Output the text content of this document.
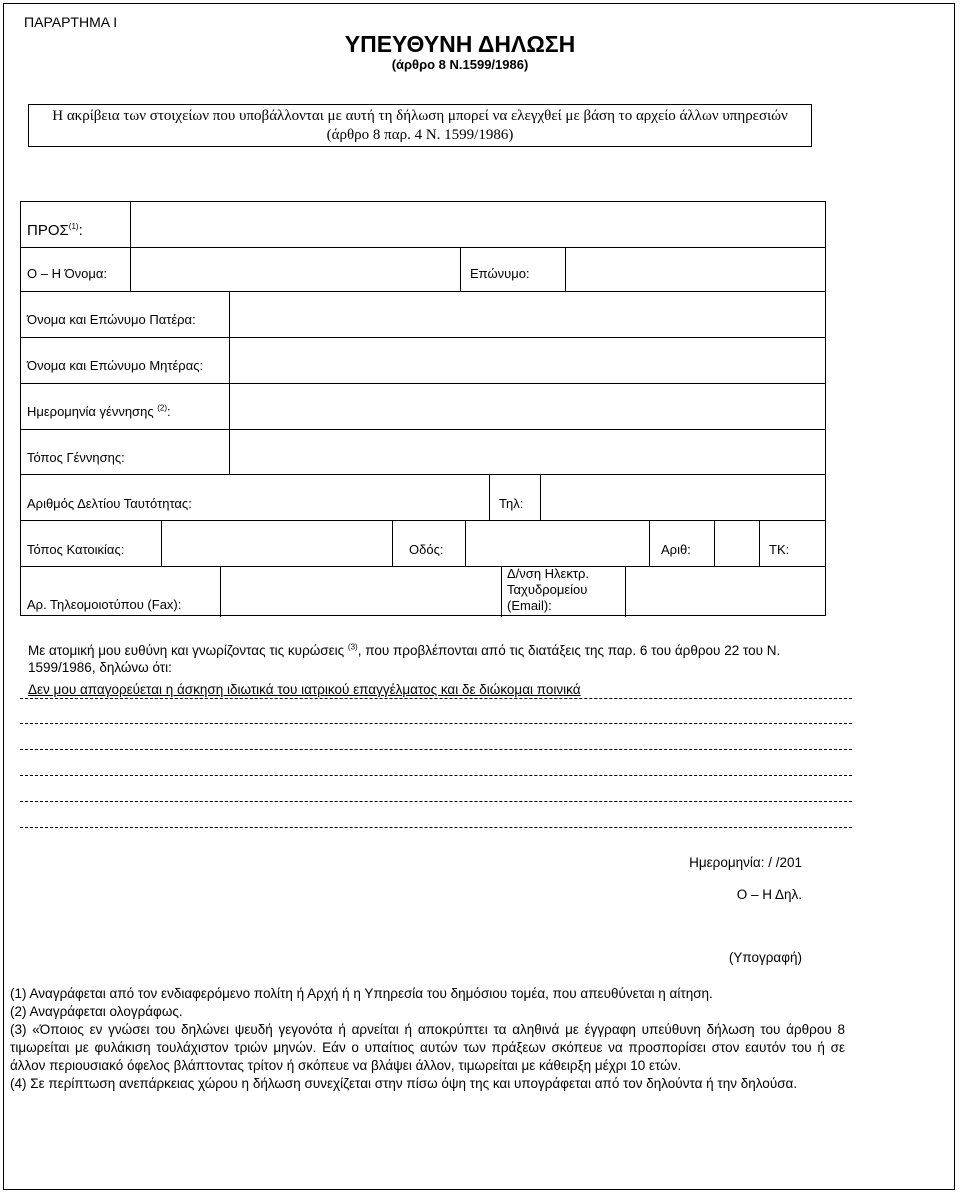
ΠΑΡΑΡΤΗΜΑ Ι
ΥΠΕΥΘΥΝΗ ΔΗΛΩΣΗ
(άρθρο 8 Ν.1599/1986)
Η ακρίβεια των στοιχείων που υποβάλλονται με αυτή τη δήλωση μπορεί να ελεγχθεί με βάση το αρχείο άλλων υπηρεσιών
(άρθρο 8 παρ. 4 Ν. 1599/1986)
ΠΡΟΣ$^{(1)}$:
Ο – Η Όνομα:	Επώνυμο:
Όνομα και Επώνυμο Πατέρα:
Όνομα και Επώνυμο Μητέρας:
Ημερομηνία γέννησης $^{(2)}$:
Τόπος Γέννησης:
Αριθμός Δελτίου Ταυτότητας:	Τηλ:
Τόπος Κατοικίας:	Οδός:	Αριθ:	ΤΚ:
Αρ. Τηλεομοιοτύπου (Fax):
Δ/νση Ηλεκτρ.
Ταχυδρομείου
(Email):
Με ατομική μου ευθύνη και γνωρίζοντας τις κυρώσεις $^{(3)}$, που προβλέπονται από τις διατάξεις της παρ. 6 του άρθρου 22 του Ν. 1599/1986, δηλώνω ότι:
Δεν μου απαγορεύεται η άσκηση ιδιωτικά του ιατρικού επαγγέλματος και δε διώκομαι ποινικά
Ημερομηνία: / /201
Ο – Η Δηλ.
(Υπογραφή)

(1) Αναγράφεται από τον ενδιαφερόμενο πολίτη ή Αρχή ή η Υπηρεσία του δημόσιου τομέα, που απευθύνεται η αίτηση.

(2) Αναγράφεται ολογράφως.

(3) «Όποιος εν γνώσει του δηλώνει ψευδή γεγονότα ή αρνείται ή αποκρύπτει τα αληθινά με έγγραφη υπεύθυνη δήλωση του άρθρου 8 τιμωρείται με φυλάκιση τουλάχιστον τριών μηνών. Εάν ο υπαίτιος αυτών των πράξεων σκόπευε να προσπορίσει στον εαυτόν του ή σε άλλον περιουσιακό όφελος βλάπτοντας τρίτον ή σκόπευε να βλάψει άλλον, τιμωρείται με κάθειρξη μέχρι 10 ετών.

(4) Σε περίπτωση ανεπάρκειας χώρου η δήλωση συνεχίζεται στην πίσω όψη της και υπογράφεται από τον δηλούντα ή την δηλούσα.
